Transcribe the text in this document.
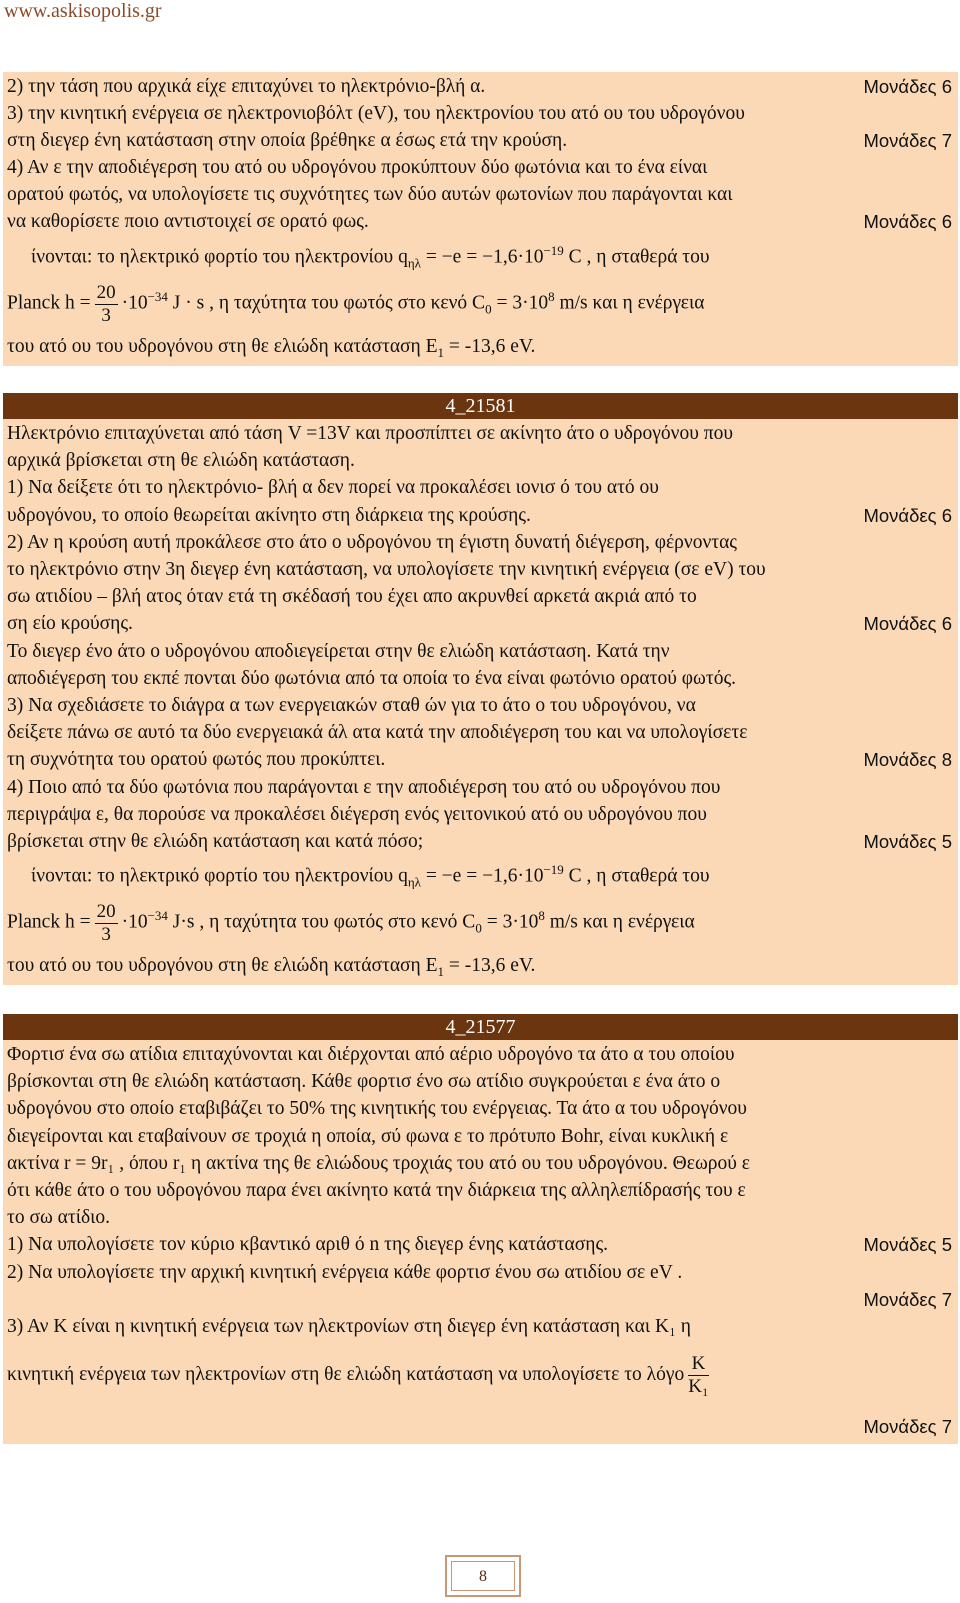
www.askisopolis.gr
2) την τάση που αρχικά είχε επιταχύνει το ηλεκτρόνιο-βλή α.	Μονάδες 6
3) την κινητική ενέργεια σε ηλεκτρονιοβόλτ (eV), του ηλεκτρονίου του ατό ου του υδρογόνου
στη διεγερ ένη κατάσταση στην οποία βρέθηκε α έσως ετά την κρούση.	Μονάδες 7
4) Αν ε την αποδιέγερση του ατό ου υδρογόνου προκύπτουν δύο φωτόνια και το ένα είναι
ορατού φωτός, να υπολογίσετε τις συχνότητες των δύο αυτών φωτονίων που παράγονται και
να καθορίσετε ποιο αντιστοιχεί σε ορατό φως.	Μονάδες 6
ίνονται: το ηλεκτρικό φορτίο του ηλεκτρονίου $q_{\eta\lambda} = -e = -1,6\cdot 10^{-19}$ C , η σταθερά του
Planck $h = \frac{20}{3} \cdot 10^{-34}$ J · s , η ταχύτητα του φωτός στο κενό $C_0 = 3\cdot 10^8$ m/s και η ενέργεια
του ατό ου του υδρογόνου στη θε ελιώδη κατάσταση $E_1 = -13,6$ eV.
4_21581
Ηλεκτρόνιο επιταχύνεται από τάση V =13V και προσπίπτει σε ακίνητο άτο ο υδρογόνου που
αρχικά βρίσκεται στη θε ελιώδη κατάσταση.
1) Να δείξετε ότι το ηλεκτρόνιο- βλή α δεν πορεί να προκαλέσει ιονισ ό του ατό ου
υδρογόνου, το οποίο θεωρείται ακίνητο στη διάρκεια της κρούσης.	Μονάδες 6
2) Αν η κρούση αυτή προκάλεσε στο άτο ο υδρογόνου τη έγιστη δυνατή διέγερση, φέρνοντας
το ηλεκτρόνιο στην 3η διεγερ ένη κατάσταση, να υπολογίσετε την κινητική ενέργεια (σε eV) του
σω ατιδίου – βλή ατος όταν ετά τη σκέδασή του έχει απο ακρυνθεί αρκετά ακριά από το
ση είο κρούσης.	Μονάδες 6
Το διεγερ ένο άτο ο υδρογόνου αποδιεγείρεται στην θε ελιώδη κατάσταση. Κατά την
αποδιέγερση του εκπέ πονται δύο φωτόνια από τα οποία το ένα είναι φωτόνιο ορατού φωτός.
3) Να σχεδιάσετε το διάγρα α των ενεργειακών σταθ ών για το άτο ο του υδρογόνου, να
δείξετε πάνω σε αυτό τα δύο ενεργειακά άλ ατα κατά την αποδιέγερση του και να υπολογίσετε
τη συχνότητα του ορατού φωτός που προκύπτει.	Μονάδες 8
4) Ποιο από τα δύο φωτόνια που παράγονται ε την αποδιέγερση του ατό ου υδρογόνου που
περιγράψα ε, θα πορούσε να προκαλέσει διέγερση ενός γειτονικού ατό ου υδρογόνου που
βρίσκεται στην θε ελιώδη κατάσταση και κατά πόσο;	Μονάδες 5
ίνονται: το ηλεκτρικό φορτίο του ηλεκτρονίου $q_{\eta\lambda} = -e = -1,6\cdot 10^{-19}$ C , η σταθερά του
Planck $h = \frac{20}{3} \cdot 10^{-34}$ J·s , η ταχύτητα του φωτός στο κενό $C_0 = 3\cdot 10^8$ m/s και η ενέργεια
του ατό ου του υδρογόνου στη θε ελιώδη κατάσταση $E_1 = -13,6$ eV.
4_21577
Φορτισ ένα σω ατίδια επιταχύνονται και διέρχονται από αέριο υδρογόνο τα άτο α του οποίου
βρίσκονται στη θε ελιώδη κατάσταση. Κάθε φορτισ ένο σω ατίδιο συγκρούεται ε ένα άτο ο
υδρογόνου στο οποίο εταβιβάζει το 50% της κινητικής του ενέργειας. Τα άτο α του υδρογόνου
διεγείρονται και εταβαίνουν σε τροχιά η οποία, σύ φωνα ε το πρότυπο Bohr, είναι κυκλική ε
ακτίνα r = 9r₁ , όπου r₁ η ακτίνα της θε ελιώδους τροχιάς του ατό ου του υδρογόνου. Θεωρού ε
ότι κάθε άτο ο του υδρογόνου παρα ένει ακίνητο κατά την διάρκεια της αλληλεπίδρασής του ε
το σω ατίδιο.
1) Να υπολογίσετε τον κύριο κβαντικό αριθ ό n της διεγερ ένης κατάστασης.	Μονάδες 5
2) Να υπολογίσετε την αρχική κινητική ενέργεια κάθε φορτισ ένου σω ατιδίου σε eV .
Μονάδες 7
3) Αν K είναι η κινητική ενέργεια των ηλεκτρονίων στη διεγερ ένη κατάσταση και K₁ η
κινητική ενέργεια των ηλεκτρονίων στη θε ελιώδη κατάσταση να υπολογίσετε το λόγο $\frac{K}{\text{K₁}}$
Μονάδες 7
8
